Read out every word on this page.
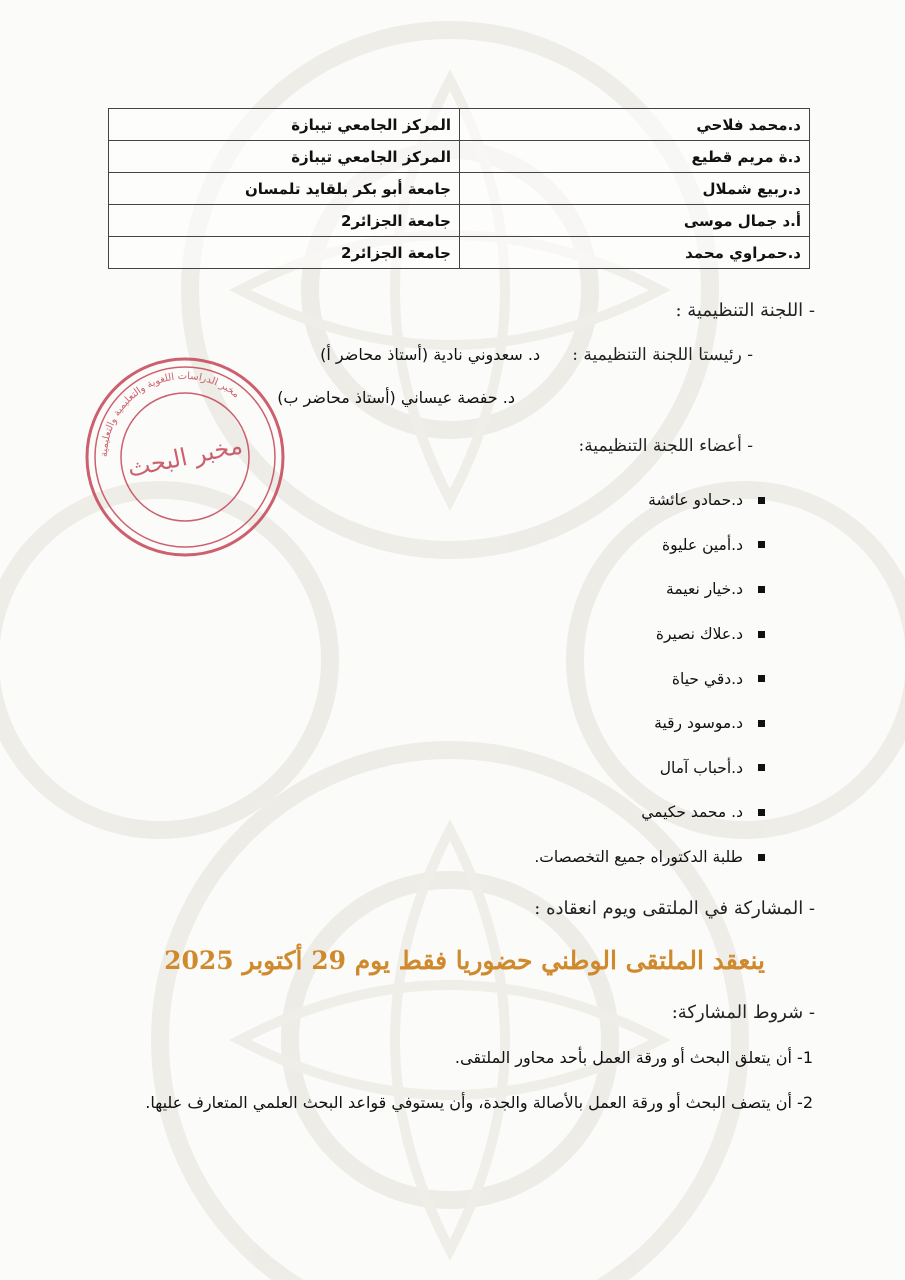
د.محمد فلاحي	المركز الجامعي تيبازة
د.ة مريم قطيع	المركز الجامعي تيبازة
د.ربيع شملال	جامعة أبو بكر بلقايد تلمسان
أ.د جمال موسى	جامعة الجزائر2
د.حمراوي محمد	جامعة الجزائر2
- اللجنة التنظيمية :
- رئيستا اللجنة التنظيمية :  د. سعدوني نادية (أستاذ محاضر أ)
د. حفصة عيساني (أستاذ محاضر ب)
- أعضاء اللجنة التنظيمية:
د.حمادو عائشة
د.أمين عليوة
د.خيار نعيمة
د.علاك نصيرة
د.دقي حياة
د.موسود رقية
د.أحباب آمال
د. محمد حكيمي
طلبة الدكتوراه جميع التخصصات.
- المشاركة في الملتقى ويوم انعقاده :
ينعقد الملتقى الوطني حضوريا فقط يوم 29 أكتوبر 2025
- شروط المشاركة:
1- أن يتعلق البحث أو ورقة العمل بأحد محاور الملتقى.
2- أن يتصف البحث أو ورقة العمل بالأصالة والجدة، وأن يستوفي قواعد البحث العلمي المتعارف عليها.
مخبر الدراسات اللغوية والتعليمية والتعليمية
مخبر البحث
